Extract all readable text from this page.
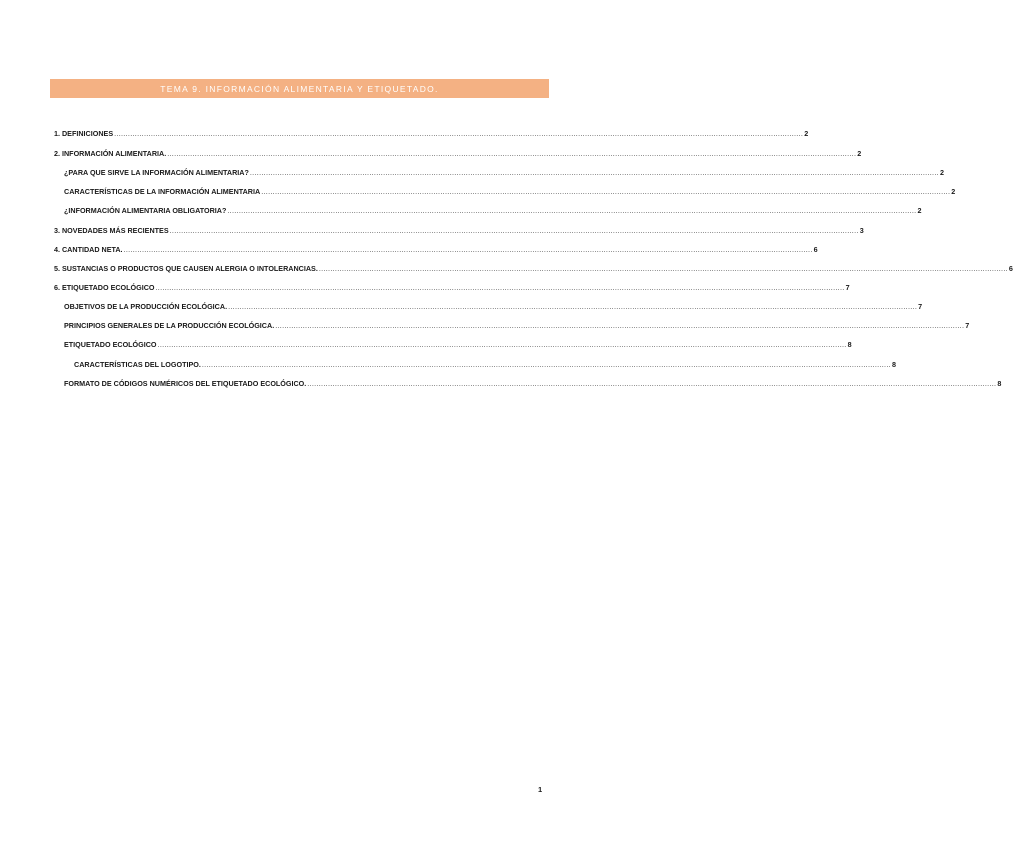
TEMA 9. INFORMACIÓN ALIMENTARIA Y ETIQUETADO.
1. DEFINICIONES ............................................................................................................................................................................................................................................................................................................ 2
2. INFORMACIÓN ALIMENTARIA. ............................................................................................................................................................................................................................................................................................................ 2
¿PARA QUE SIRVE LA INFORMACIÓN ALIMENTARIA? ............................................................................................................................................................................................................................................................................................................ 2
CARACTERÍSTICAS DE LA INFORMACIÓN ALIMENTARIA ............................................................................................................................................................................................................................................................................................................ 2
¿INFORMACIÓN ALIMENTARIA OBLIGATORIA? ............................................................................................................................................................................................................................................................................................................ 2
3. NOVEDADES MÁS RECIENTES ............................................................................................................................................................................................................................................................................................................ 3
4. CANTIDAD NETA. ............................................................................................................................................................................................................................................................................................................ 6
5. SUSTANCIAS O PRODUCTOS QUE CAUSEN ALERGIA O INTOLERANCIAS. ............................................................................................................................................................................................................................................................................................................ 6
6. ETIQUETADO ECOLÓGICO ............................................................................................................................................................................................................................................................................................................ 7
OBJETIVOS DE LA PRODUCCIÓN ECOLÓGICA. ............................................................................................................................................................................................................................................................................................................ 7
PRINCIPIOS GENERALES DE LA PRODUCCIÓN ECOLÓGICA. ............................................................................................................................................................................................................................................................................................................ 7
ETIQUETADO ECOLÓGICO ............................................................................................................................................................................................................................................................................................................ 8
CARACTERÍSTICAS DEL LOGOTIPO. ............................................................................................................................................................................................................................................................................................................ 8
FORMATO DE CÓDIGOS NUMÉRICOS DEL ETIQUETADO ECOLÓGICO. ............................................................................................................................................................................................................................................................................................................ 8
1
